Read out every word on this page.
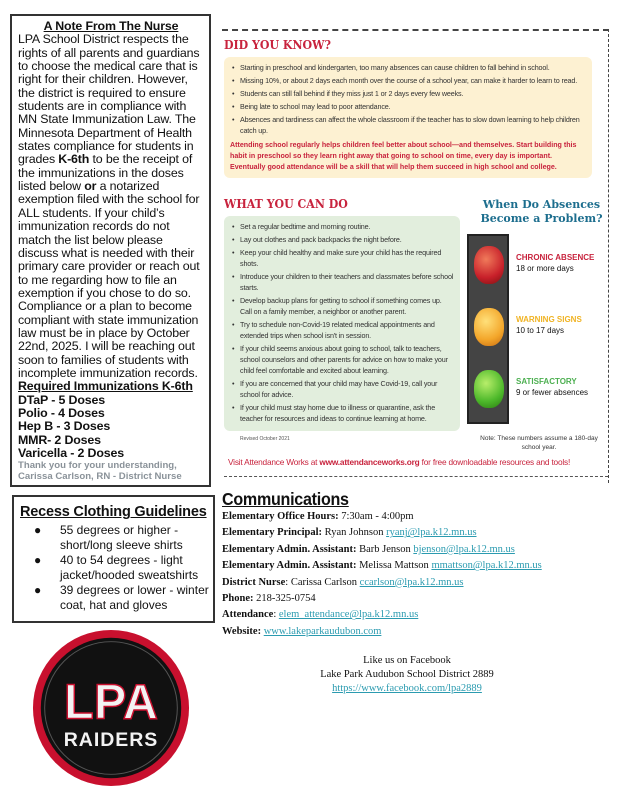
A Note From The Nurse
LPA School District respects the rights of all parents and guardians to choose the medical care that is right for their children. However, the district is required to ensure students are in compliance with MN State Immunization Law. The Minnesota Department of Health states compliance for students in grades K-6th to be the receipt of the immunizations in the doses listed below or a notarized exemption filed with the school for ALL students. If your child’s immunization records do not match the list below please discuss what is needed with their primary care provider or reach out to me regarding how to file an exemption if you chose to do so. Compliance or a plan to become compliant with state immunization law must be in place by October 22nd, 2025. I will be reaching out soon to families of students with incomplete immunization records.
Required Immunizations K-6th
DTaP - 5 Doses
Polio - 4 Doses
Hep B - 3 Doses
MMR- 2 Doses
Varicella - 2 Doses
Thank you for your understanding,
Carissa Carlson, RN - District Nurse
Recess Clothing Guidelines
● 55 degrees or higher - short/long sleeve shirts
● 40 to 54 degrees - light jacket/hooded sweatshirts
● 39 degrees or lower - winter coat, hat and gloves
LPA
RAIDERS
DID YOU KNOW?
• Starting in preschool and kindergarten, too many absences can cause children to fall behind in school.
• Missing 10%, or about 2 days each month over the course of a school year, can make it harder to learn to read.
• Students can still fall behind if they miss just 1 or 2 days every few weeks.
• Being late to school may lead to poor attendance.
• Absences and tardiness can affect the whole classroom if the teacher has to slow down learning to help children catch up.
Attending school regularly helps children feel better about school—and themselves. Start building this habit in preschool so they learn right away that going to school on time, every day is important. Eventually good attendance will be a skill that will help them succeed in high school and college.
WHAT YOU CAN DO
• Set a regular bedtime and morning routine.
• Lay out clothes and pack backpacks the night before.
• Keep your child healthy and make sure your child has the required shots.
• Introduce your children to their teachers and classmates before school starts.
• Develop backup plans for getting to school if something comes up. Call on a family member, a neighbor or another parent.
• Try to schedule non-Covid-19 related medical appointments and extended trips when school isn't in session.
• If your child seems anxious about going to school, talk to teachers, school counselors and other parents for advice on how to make your child feel comfortable and excited about learning.
• If you are concerned that your child may have Covid-19, call your school for advice.
• If your child must stay home due to illness or quarantine, ask the teacher for resources and ideas to continue learning at home.
Revised October 2021
When Do Absences Become a Problem?
CHRONIC ABSENCE
18 or more days
WARNING SIGNS
10 to 17 days
SATISFACTORY
9 or fewer absences
Note: These numbers assume a 180-day school year.
Visit Attendance Works at www.attendanceworks.org for free downloadable resources and tools!
Communications
Elementary Office Hours: 7:30am - 4:00pm
Elementary Principal: Ryan Johnson ryanj@lpa.k12.mn.us
Elementary Admin. Assistant: Barb Jenson bjenson@lpa.k12.mn.us
Elementary Admin. Assistant: Melissa Mattson mmattson@lpa.k12.mn.us
District Nurse: Carissa Carlson ccarlson@lpa.k12.mn.us
Phone: 218-325-0754
Attendance: elem_attendance@lpa.k12.mn.us
Website: www.lakeparkaudubon.com
Like us on Facebook
Lake Park Audubon School District 2889
https://www.facebook.com/lpa2889
